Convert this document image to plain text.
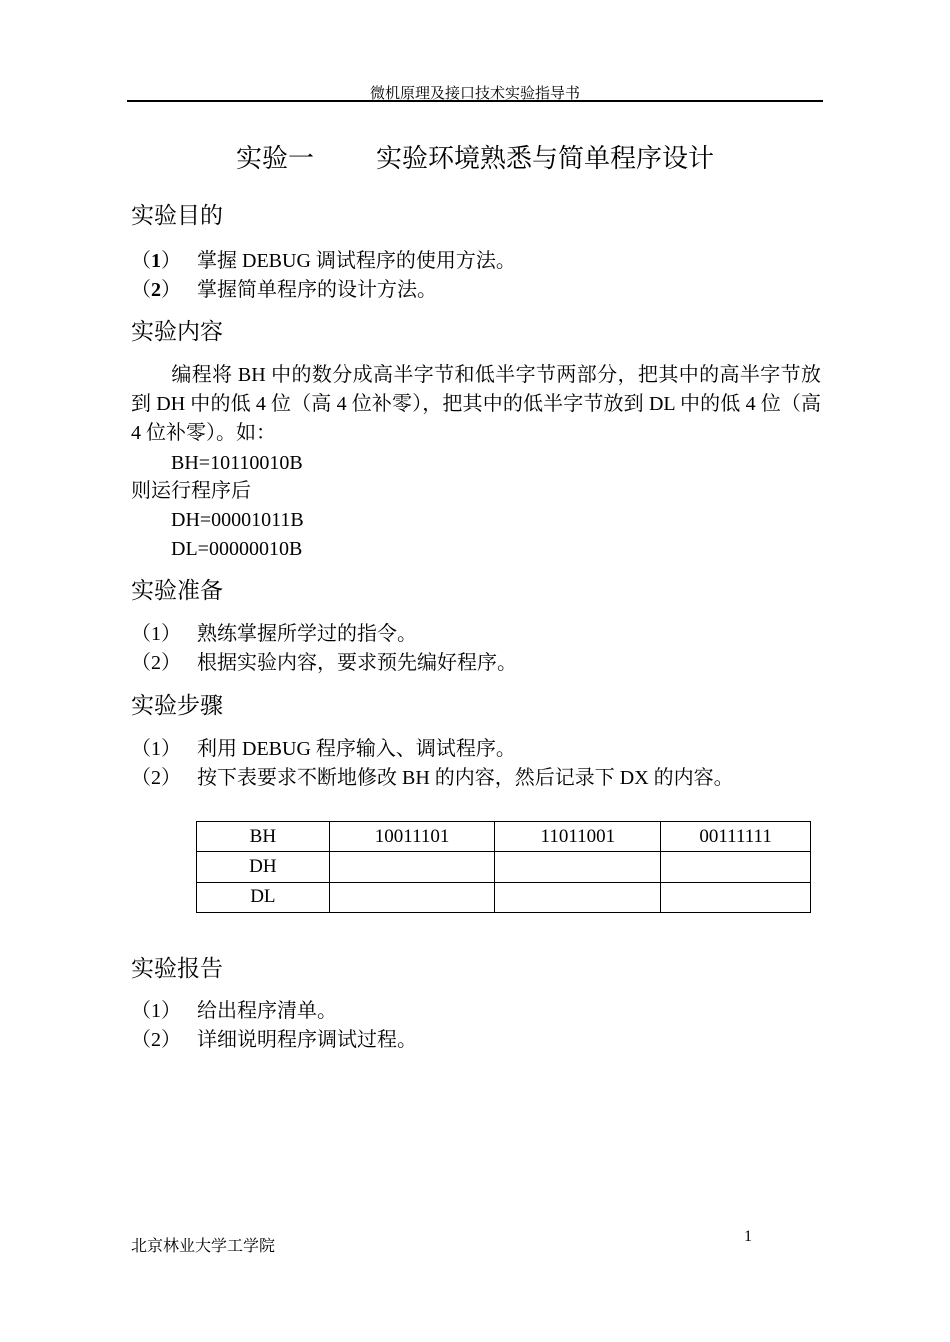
微机原理及接口技术实验指导书
实验一 实验环境熟悉与简单程序设计
实验目的
（1） 掌握 DEBUG 调试程序的使用方法。
（2） 掌握简单程序的设计方法。
实验内容
编程将 BH 中的数分成高半字节和低半字节两部分，把其中的高半字节放到 DH 中的低 4 位（高 4 位补零），把其中的低半字节放到 DL 中的低 4 位（高 4 位补零）。如：
BH=10110010B
则运行程序后
DH=00001011B
DL=00000010B
实验准备
（1） 熟练掌握所学过的指令。
（2） 根据实验内容，要求预先编好程序。
实验步骤
（1） 利用 DEBUG 程序输入、调试程序。
（2） 按下表要求不断地修改 BH 的内容，然后记录下 DX 的内容。
BH	10011101	11011001	00111111
DH			
DL			
实验报告
（1） 给出程序清单。
（2） 详细说明程序调试过程。
北京林业大学工学院
1
